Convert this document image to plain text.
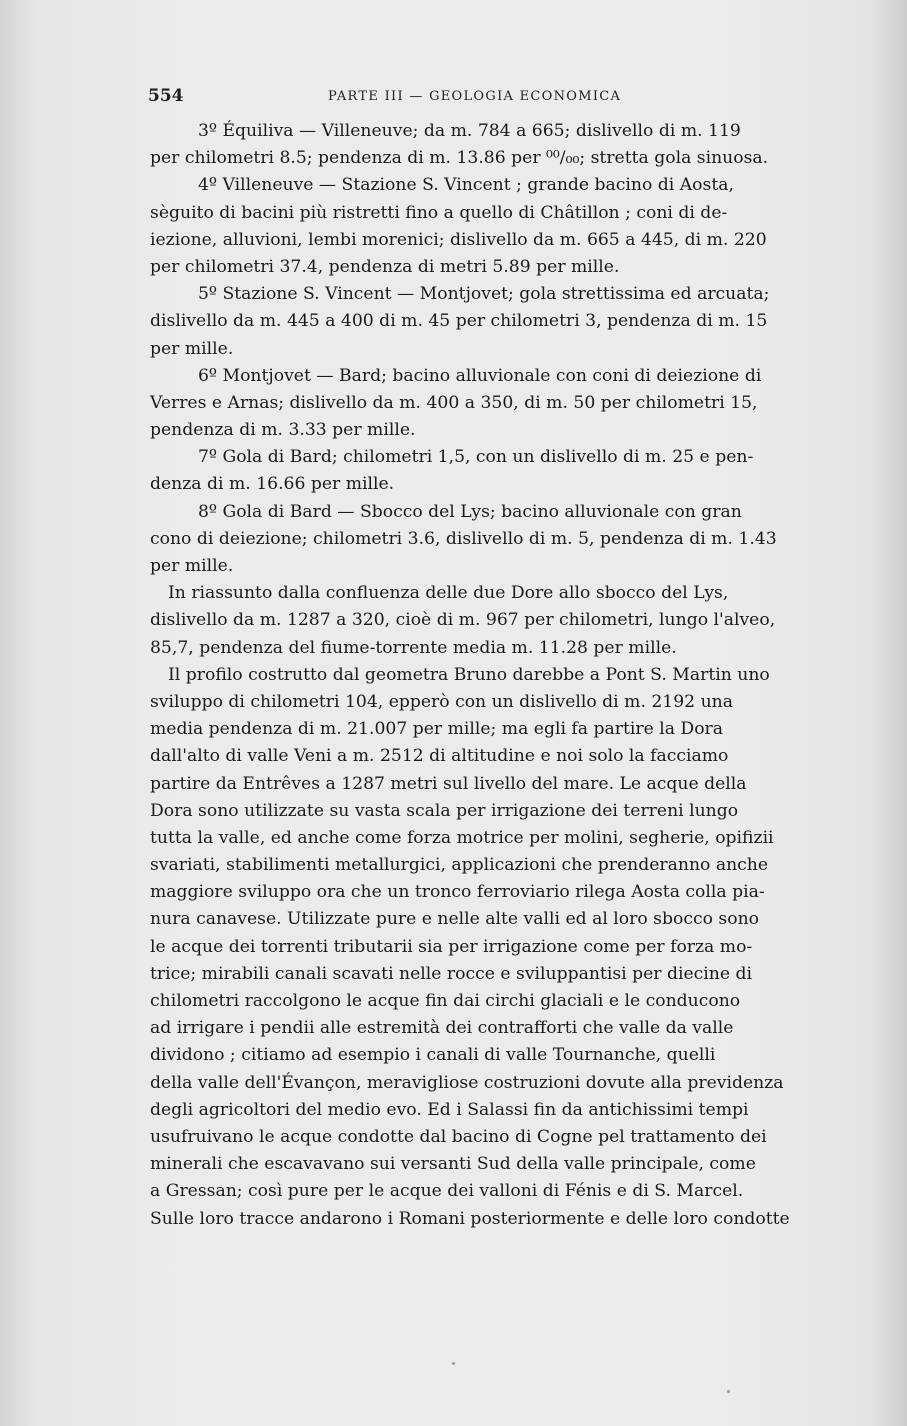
554	PARTE III — GEOLOGIA ECONOMICA
3º Équiliva — Villeneuve; da m. 784 a 665; dislivello di m. 119
per chilometri 8.5; pendenza di m. 13.86 per ⁰⁰/₀₀; stretta gola sinuosa.
4º Villeneuve — Stazione S. Vincent ; grande bacino di Aosta,
sèguito di bacini più ristretti fino a quello di Châtillon ; coni di de-
iezione, alluvioni, lembi morenici; dislivello da m. 665 a 445, di m. 220
per chilometri 37.4, pendenza di metri 5.89 per mille.
5º Stazione S. Vincent — Montjovet; gola strettissima ed arcuata;
dislivello da m. 445 a 400 di m. 45 per chilometri 3, pendenza di m. 15
per mille.
6º Montjovet — Bard; bacino alluvionale con coni di deiezione di
Verres e Arnas; dislivello da m. 400 a 350, di m. 50 per chilometri 15,
pendenza di m. 3.33 per mille.
7º Gola di Bard; chilometri 1,5, con un dislivello di m. 25 e pen-
denza di m. 16.66 per mille.
8º Gola di Bard — Sbocco del Lys; bacino alluvionale con gran
cono di deiezione; chilometri 3.6, dislivello di m. 5, pendenza di m. 1.43
per mille.
In riassunto dalla confluenza delle due Dore allo sbocco del Lys,
dislivello da m. 1287 a 320, cioè di m. 967 per chilometri, lungo l'alveo,
85,7, pendenza del fiume-torrente media m. 11.28 per mille.
Il profilo costrutto dal geometra Bruno darebbe a Pont S. Martin uno
sviluppo di chilometri 104, epperò con un dislivello di m. 2192 una
media pendenza di m. 21.007 per mille; ma egli fa partire la Dora
dall'alto di valle Veni a m. 2512 di altitudine e noi solo la facciamo
partire da Entrêves a 1287 metri sul livello del mare. Le acque della
Dora sono utilizzate su vasta scala per irrigazione dei terreni lungo
tutta la valle, ed anche come forza motrice per molini, segherie, opifizii
svariati, stabilimenti metallurgici, applicazioni che prenderanno anche
maggiore sviluppo ora che un tronco ferroviario rilega Aosta colla pia-
nura canavese. Utilizzate pure e nelle alte valli ed al loro sbocco sono
le acque dei torrenti tributarii sia per irrigazione come per forza mo-
trice; mirabili canali scavati nelle rocce e sviluppantisi per diecine di
chilometri raccolgono le acque fin dai circhi glaciali e le conducono
ad irrigare i pendii alle estremità dei contrafforti che valle da valle
dividono ; citiamo ad esempio i canali di valle Tournanche, quelli
della valle dell'Évançon, meravigliose costruzioni dovute alla previdenza
degli agricoltori del medio evo. Ed i Salassi fin da antichissimi tempi
usufruivano le acque condotte dal bacino di Cogne pel trattamento dei
minerali che escavavano sui versanti Sud della valle principale, come
a Gressan; così pure per le acque dei valloni di Fénis e di S. Marcel.
Sulle loro tracce andarono i Romani posteriormente e delle loro condotte
